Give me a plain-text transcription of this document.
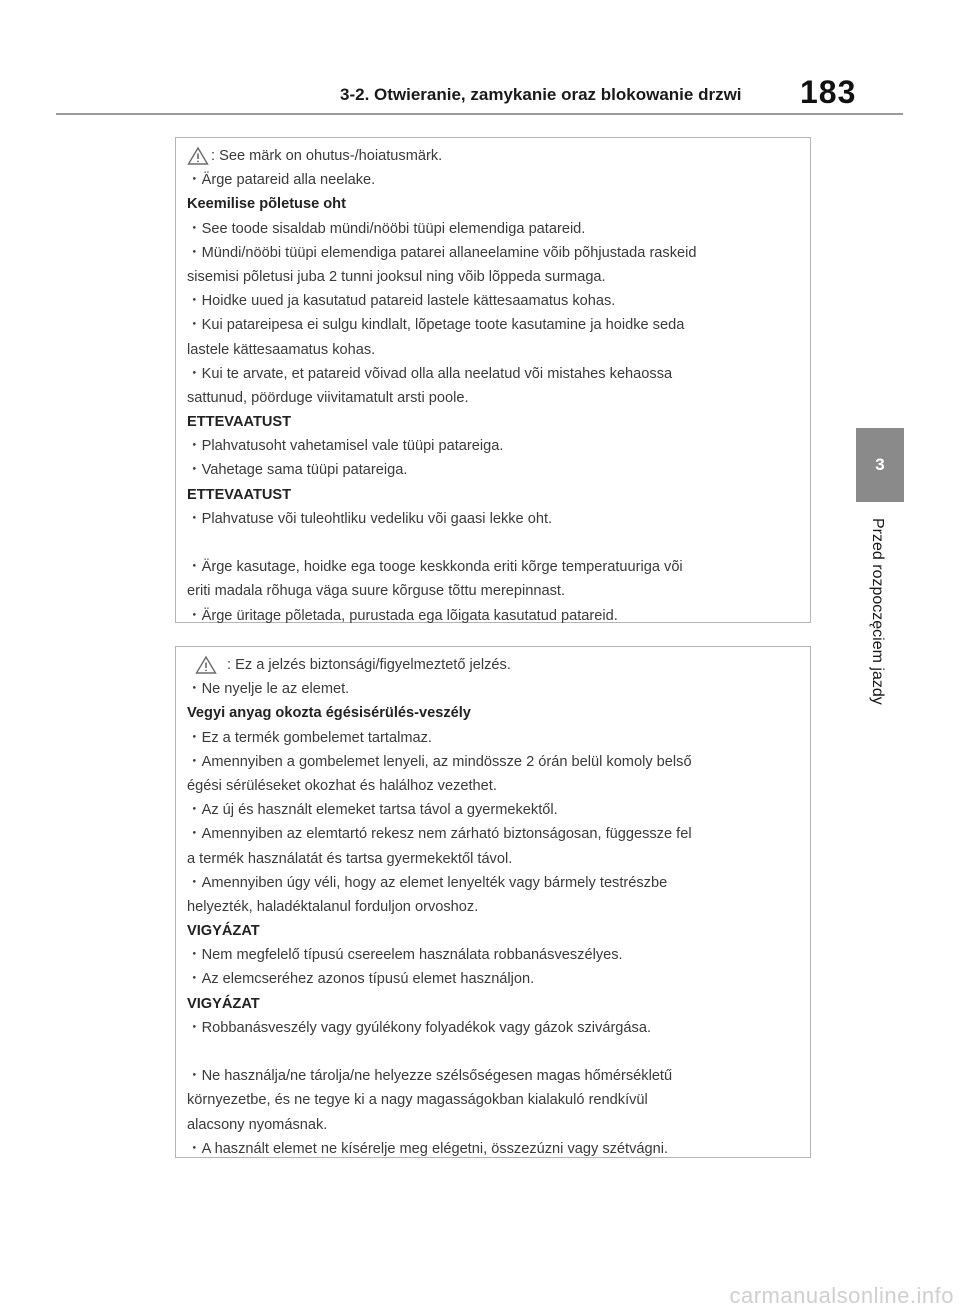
3-2. Otwieranie, zamykanie oraz blokowanie drzwi 183
3
Przed rozpoczęciem jazdy
: See märk on ohutus-/hoiatusmärk.
・Ärge patareid alla neelake.
Keemilise põletuse oht
・See toode sisaldab mündi/nööbi tüüpi elemendiga patareid.
・Mündi/nööbi tüüpi elemendiga patarei allaneelamine võib põhjustada raskeid
sisemisi põletusi juba 2 tunni jooksul ning võib lõppeda surmaga.
・Hoidke uued ja kasutatud patareid lastele kättesaamatus kohas.
・Kui patareipesa ei sulgu kindlalt, lõpetage toote kasutamine ja hoidke seda
lastele kättesaamatus kohas.
・Kui te arvate, et patareid võivad olla alla neelatud või mistahes kehaossa
sattunud, pöörduge viivitamatult arsti poole.
ETTEVAATUST
・Plahvatusoht vahetamisel vale tüüpi patareiga.
・Vahetage sama tüüpi patareiga.
ETTEVAATUST
・Plahvatuse või tuleohtliku vedeliku või gaasi lekke oht.
・Ärge kasutage, hoidke ega tooge keskkonda eriti kõrge temperatuuriga või
eriti madala rõhuga väga suure kõrguse tõttu merepinnast.
・Ärge üritage põletada, purustada ega lõigata kasutatud patareid.
: Ez a jelzés biztonsági/figyelmeztető jelzés.
・Ne nyelje le az elemet.
Vegyi anyag okozta égésisérülés-veszély
・Ez a termék gombelemet tartalmaz.
・Amennyiben a gombelemet lenyeli, az mindössze 2 órán belül komoly belső
égési sérüléseket okozhat és halálhoz vezethet.
・Az új és használt elemeket tartsa távol a gyermekektől.
・Amennyiben az elemtartó rekesz nem zárható biztonságosan, függessze fel
a termék használatát és tartsa gyermekektől távol.
・Amennyiben úgy véli, hogy az elemet lenyelték vagy bármely testrészbe
helyezték, haladéktalanul forduljon orvoshoz.
VIGYÁZAT
・Nem megfelelő típusú csereelem használata robbanásveszélyes.
・Az elemcseréhez azonos típusú elemet használjon.
VIGYÁZAT
・Robbanásveszély vagy gyúlékony folyadékok vagy gázok szivárgása.
・Ne használja/ne tárolja/ne helyezze szélsőségesen magas hőmérsékletű
környezetbe, és ne tegye ki a nagy magasságokban kialakuló rendkívül
alacsony nyomásnak.
・A használt elemet ne kísérelje meg elégetni, összezúzni vagy szétvágni.
carmanualsonline.info
